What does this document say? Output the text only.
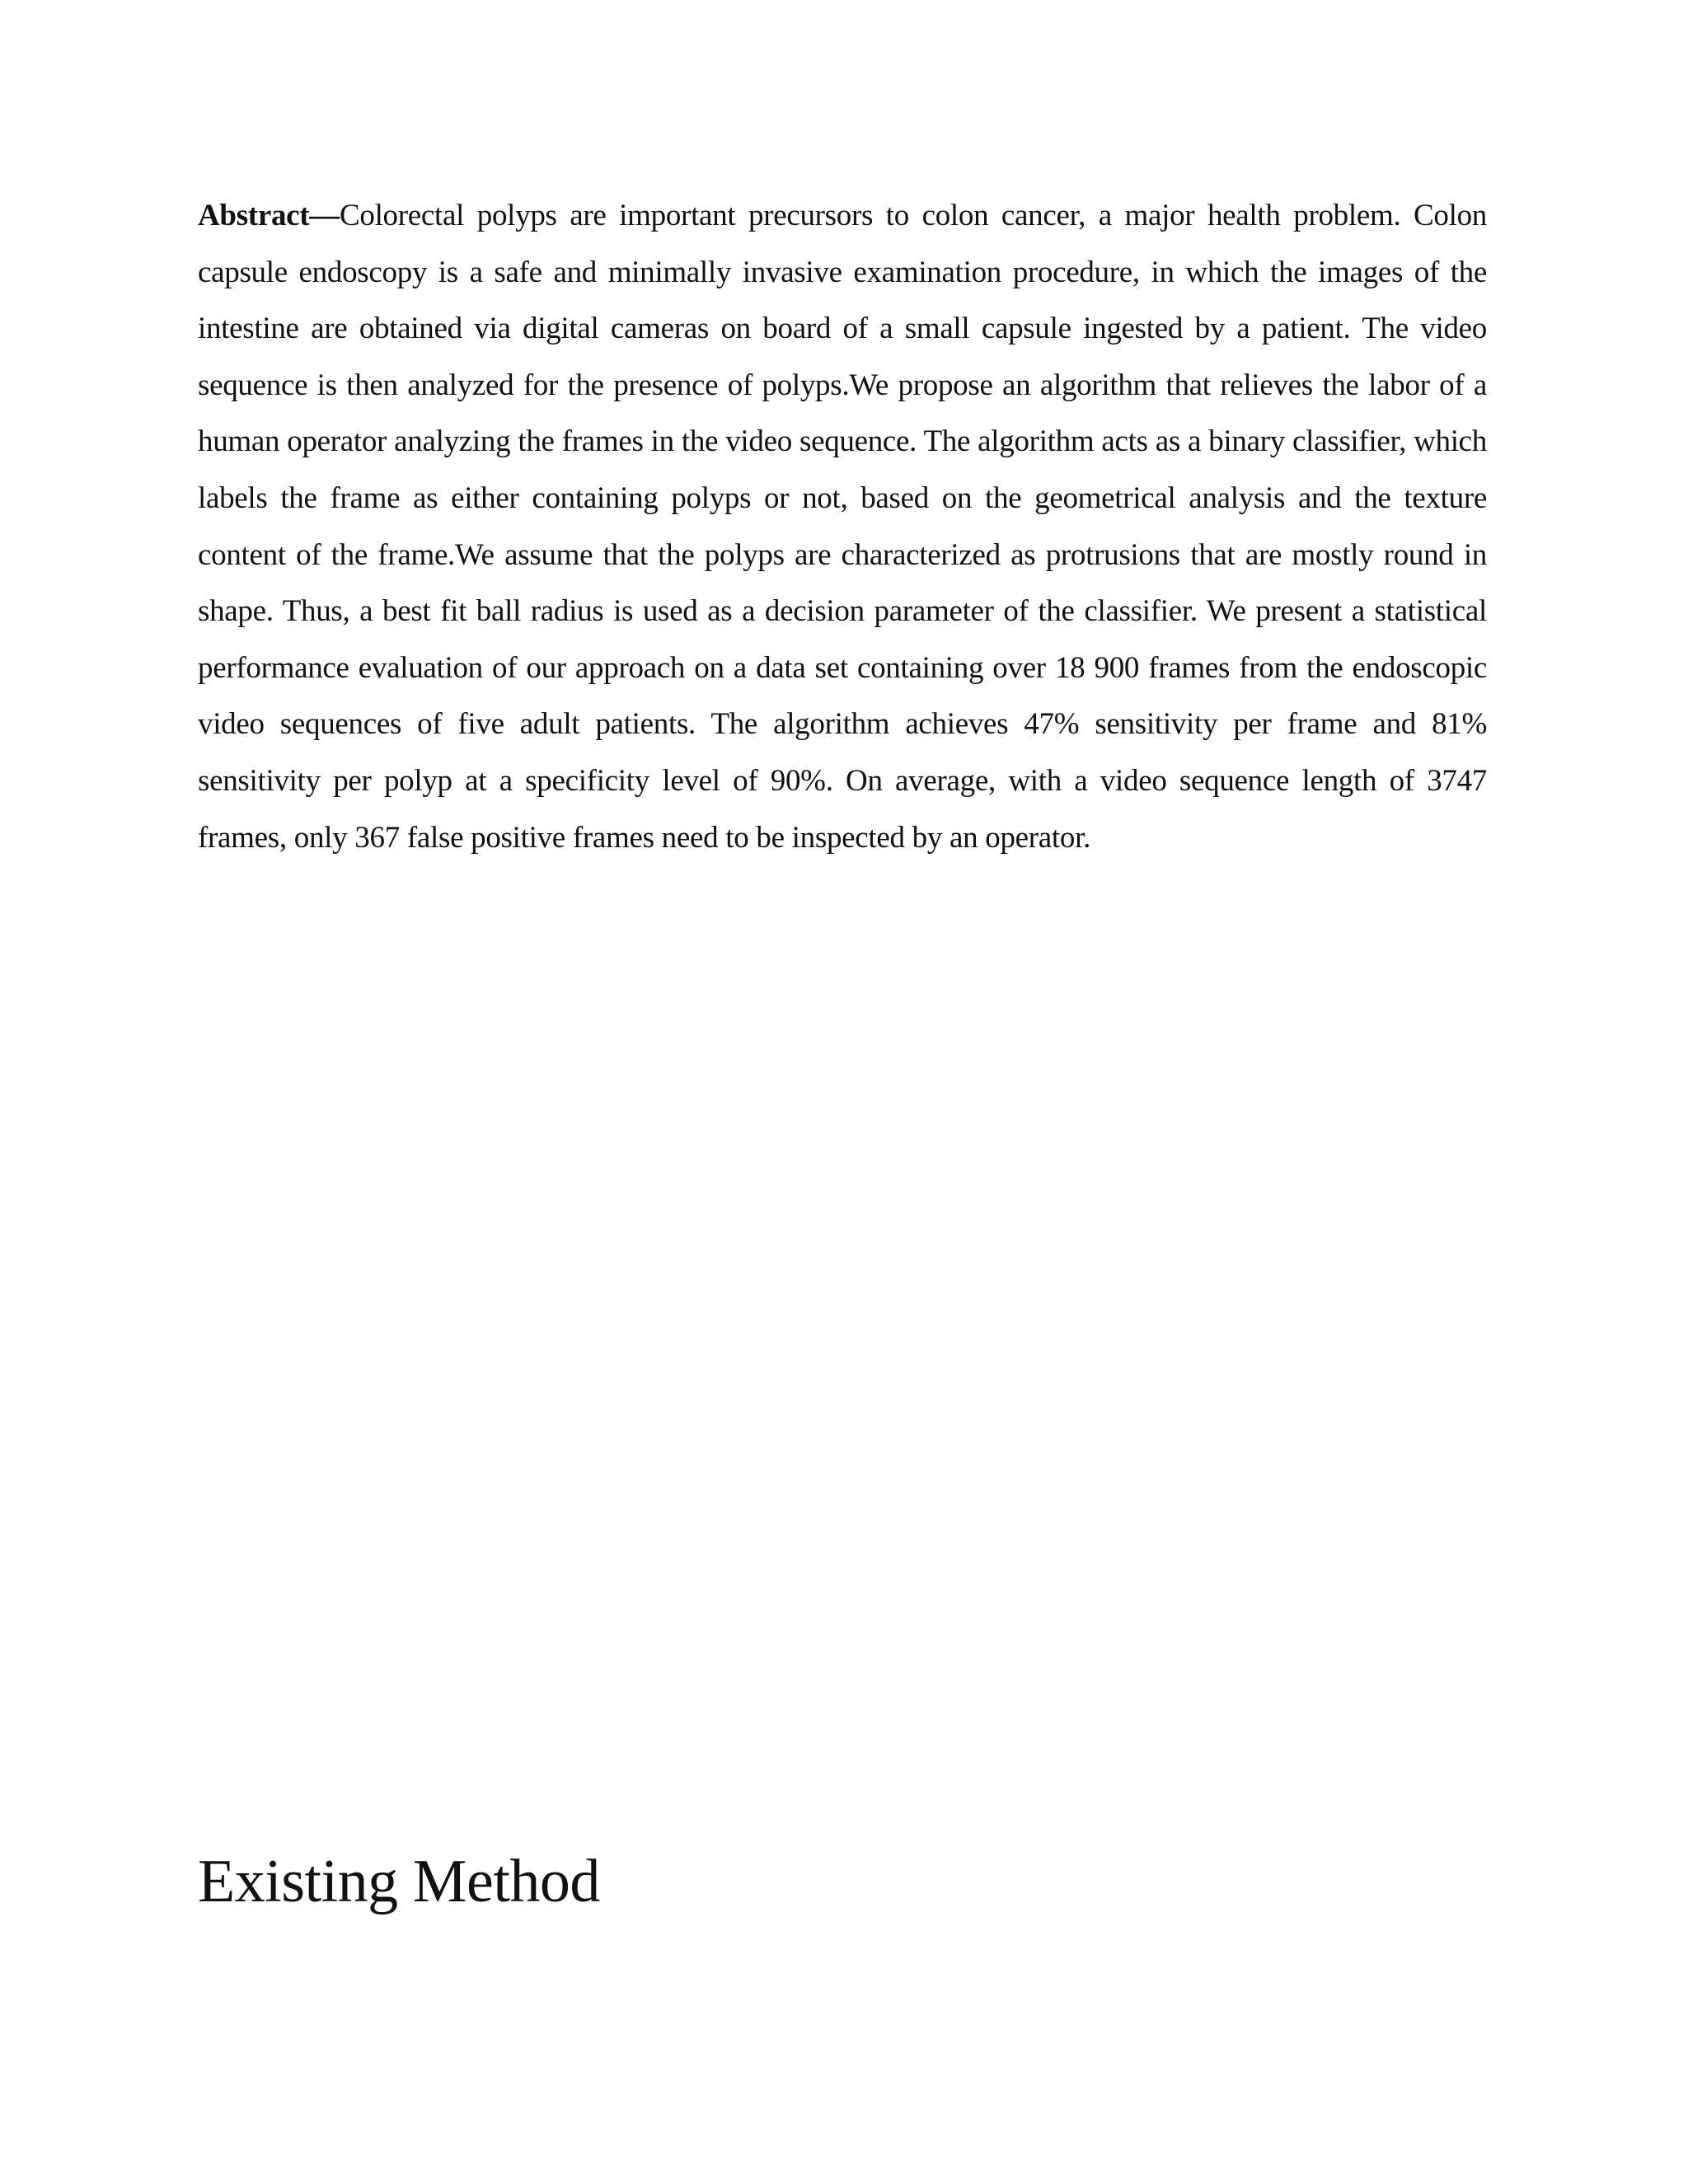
Abstract—Colorectal polyps are important precursors to colon cancer, a major health problem. Colon capsule endoscopy is a safe and minimally invasive examination procedure, in which the images of the intestine are obtained via digital cameras on board of a small capsule ingested by a patient. The video sequence is then analyzed for the presence of polyps.We propose an algorithm that relieves the labor of a human operator analyzing the frames in the video sequence. The algorithm acts as a binary classifier, which labels the frame as either containing polyps or not, based on the geometrical analysis and the texture content of the frame.We assume that the polyps are characterized as protrusions that are mostly round in shape. Thus, a best fit ball radius is used as a decision parameter of the classifier. We present a statistical performance evaluation of our approach on a data set containing over 18 900 frames from the endoscopic video sequences of five adult patients. The algorithm achieves 47% sensitivity per frame and 81% sensitivity per polyp at a specificity level of 90%. On average, with a video sequence length of 3747 frames, only 367 false positive frames need to be inspected by an operator.

Existing Method
